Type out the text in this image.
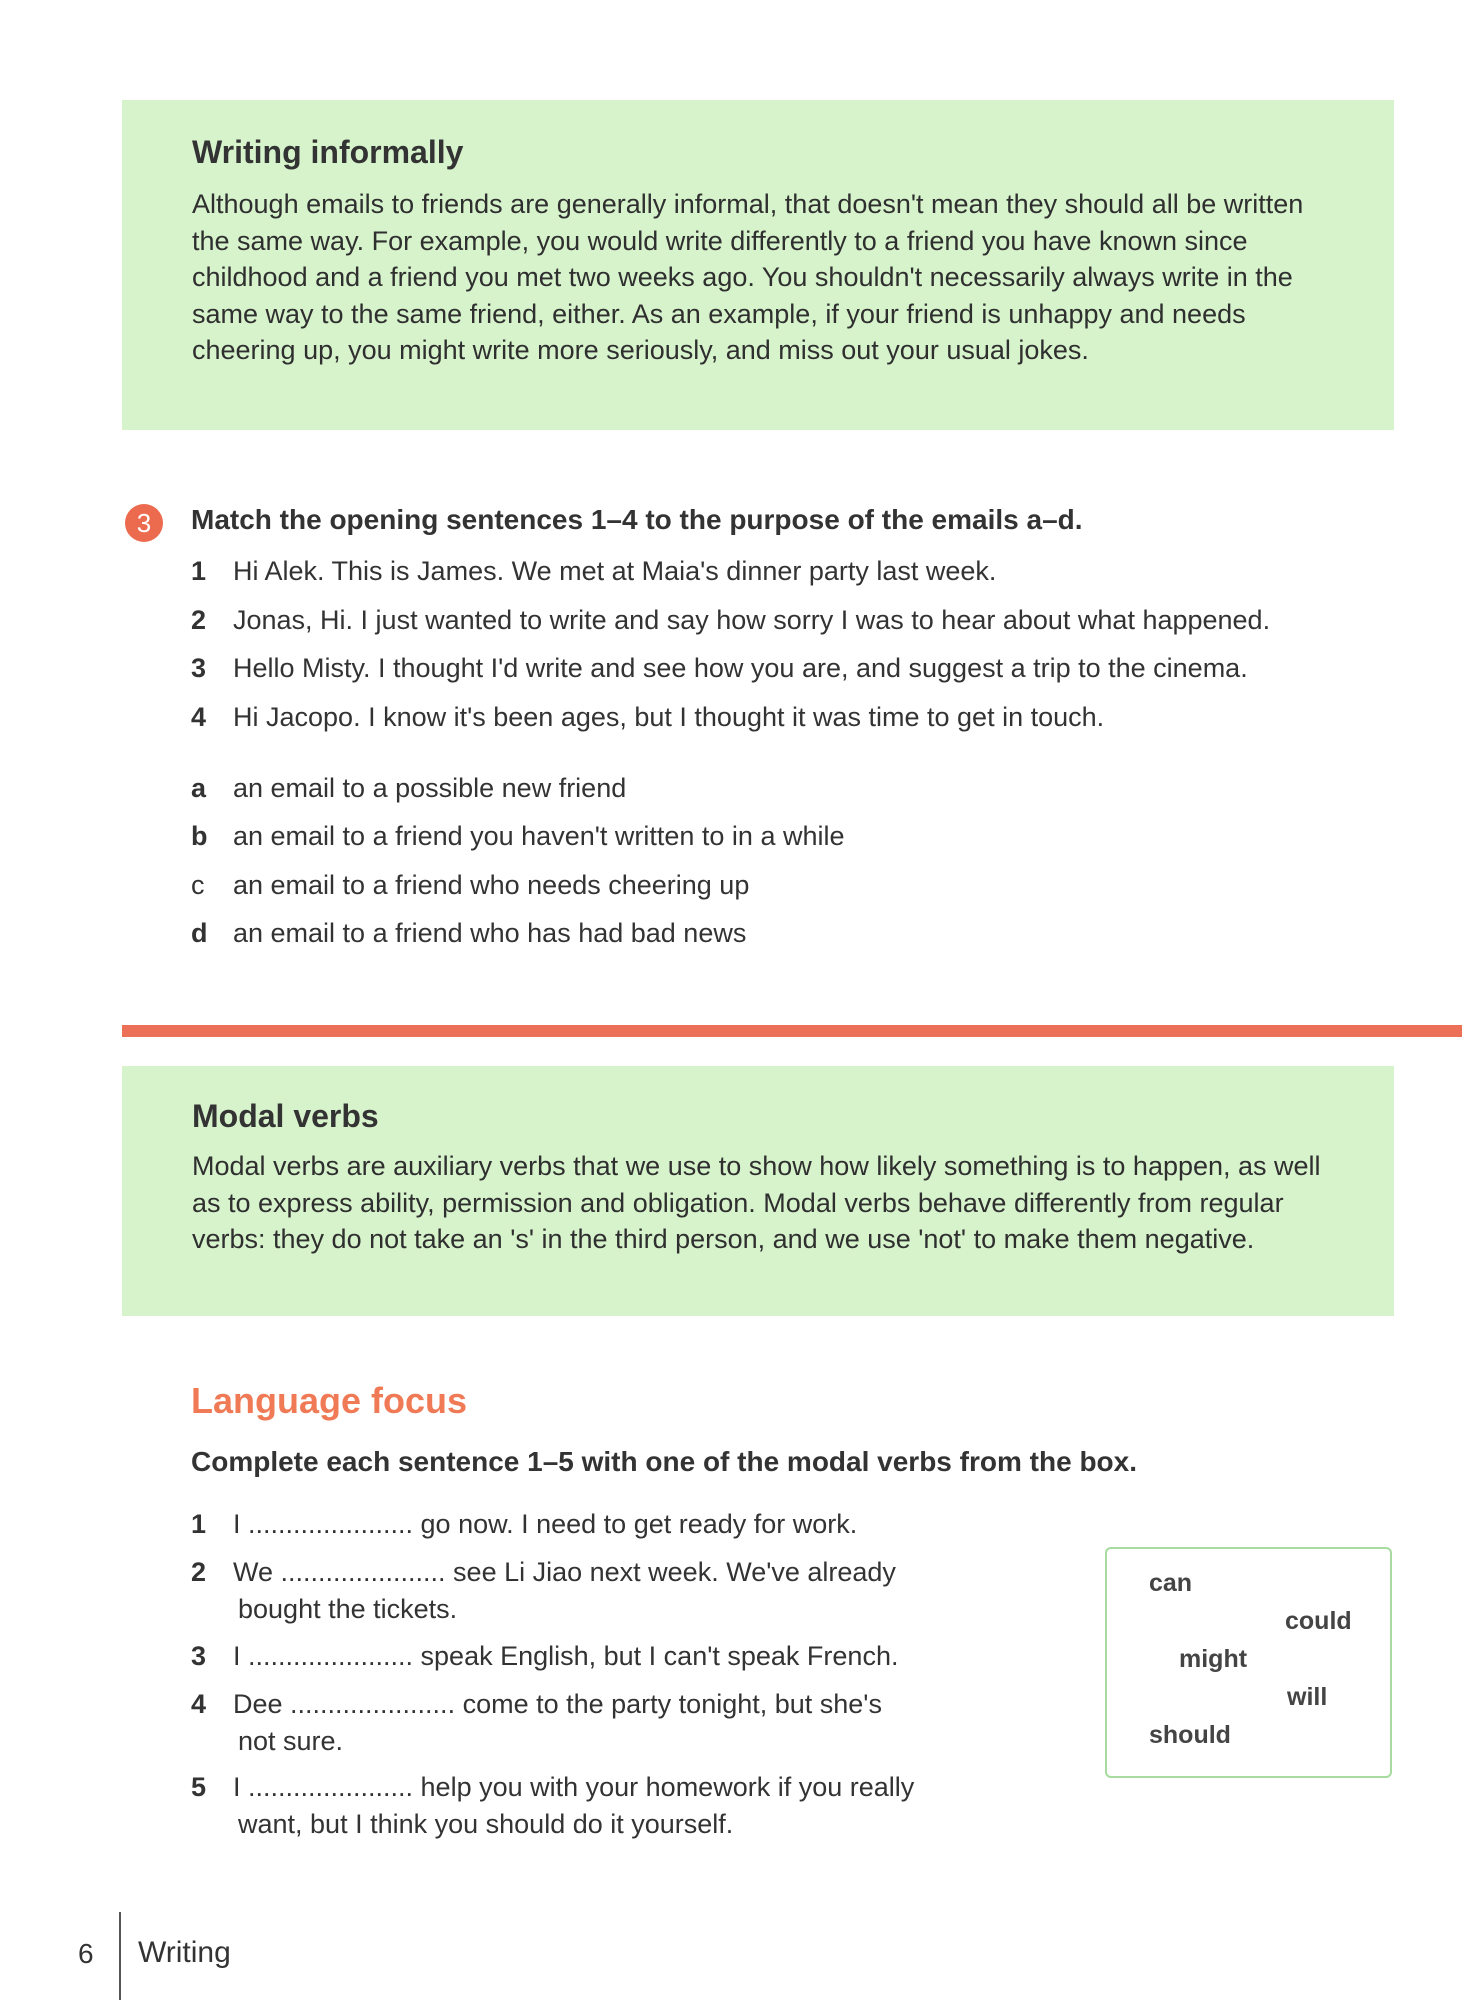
Writing informally
Although emails to friends are generally informal, that doesn't mean they should all be written the same way. For example, you would write differently to a friend you have known since childhood and a friend you met two weeks ago. You shouldn't necessarily always write in the same way to the same friend, either. As an example, if your friend is unhappy and needs cheering up, you might write more seriously, and miss out your usual jokes.
3	Match the opening sentences 1–4 to the purpose of the emails a–d.
1 Hi Alek. This is James. We met at Maia's dinner party last week.
2 Jonas, Hi. I just wanted to write and say how sorry I was to hear about what happened.
3 Hello Misty. I thought I'd write and see how you are, and suggest a trip to the cinema.
4 Hi Jacopo. I know it's been ages, but I thought it was time to get in touch.
a an email to a possible new friend
b an email to a friend you haven't written to in a while
c an email to a friend who needs cheering up
d an email to a friend who has had bad news
Modal verbs
Modal verbs are auxiliary verbs that we use to show how likely something is to happen, as well as to express ability, permission and obligation. Modal verbs behave differently from regular verbs: they do not take an 's' in the third person, and we use 'not' to make them negative.
Language focus
Complete each sentence 1–5 with one of the modal verbs from the box.
1 I ...................... go now. I need to get ready for work.
2 We ...................... see Li Jiao next week. We've already
bought the tickets.
3 I ...................... speak English, but I can't speak French.
4 Dee ...................... come to the party tonight, but she's
not sure.
5 I ...................... help you with your homework if you really
want, but I think you should do it yourself.
can
could
might
will
should
6 Writing
